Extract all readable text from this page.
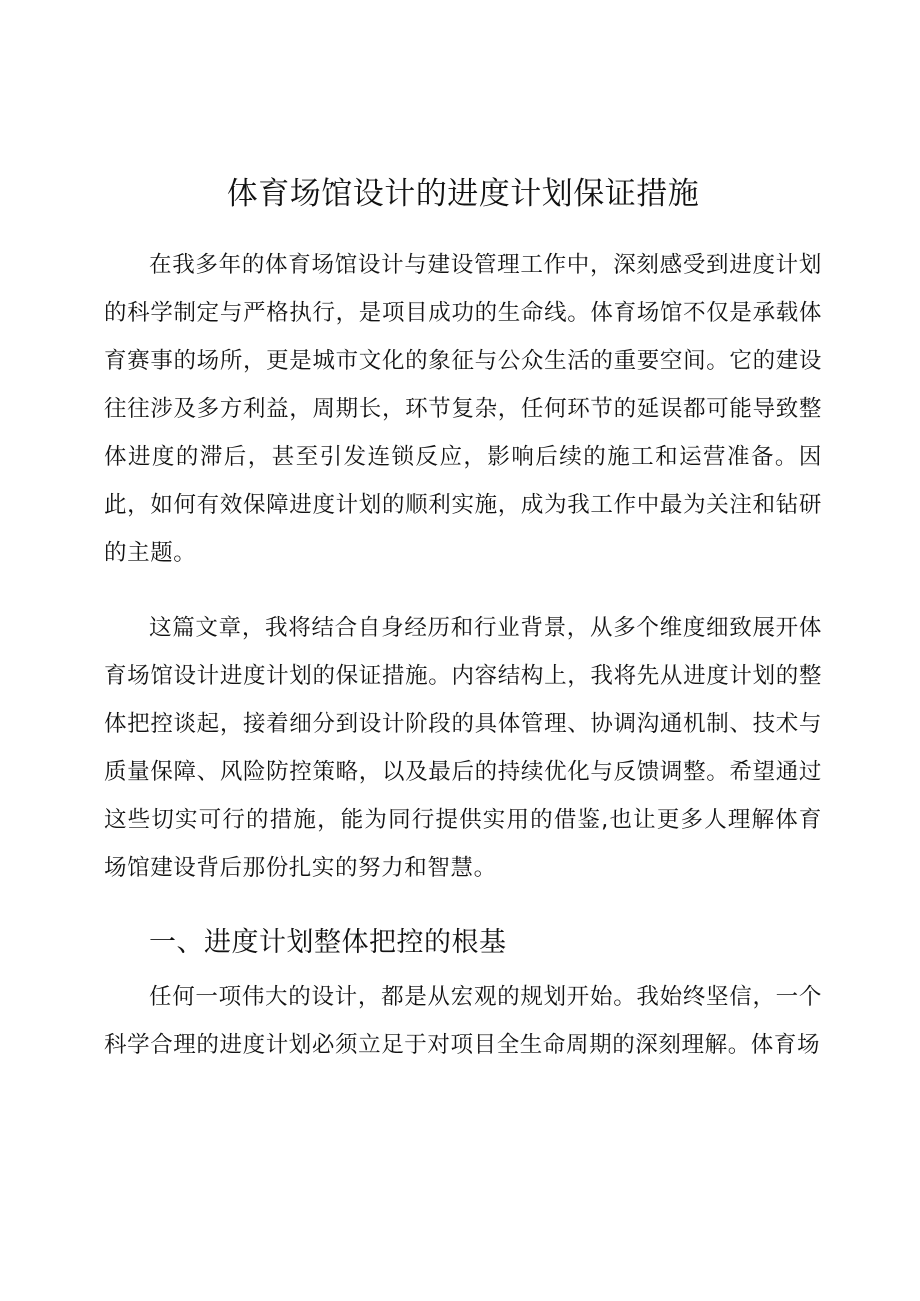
体育场馆设计的进度计划保证措施

在我多年的体育场馆设计与建设管理工作中，深刻感受到进度计划的科学制定与严格执行，是项目成功的生命线。体育场馆不仅是承载体育赛事的场所，更是城市文化的象征与公众生活的重要空间。它的建设往往涉及多方利益，周期长，环节复杂，任何环节的延误都可能导致整体进度的滞后，甚至引发连锁反应，影响后续的施工和运营准备。因此，如何有效保障进度计划的顺利实施，成为我工作中最为关注和钻研的主题。

这篇文章，我将结合自身经历和行业背景，从多个维度细致展开体育场馆设计进度计划的保证措施。内容结构上，我将先从进度计划的整体把控谈起，接着细分到设计阶段的具体管理、协调沟通机制、技术与质量保障、风险防控策略，以及最后的持续优化与反馈调整。希望通过这些切实可行的措施，能为同行提供实用的借鉴,也让更多人理解体育场馆建设背后那份扎实的努力和智慧。

一、进度计划整体把控的根基

任何一项伟大的设计，都是从宏观的规划开始。我始终坚信，一个科学合理的进度计划必须立足于对项目全生命周期的深刻理解。体育场
